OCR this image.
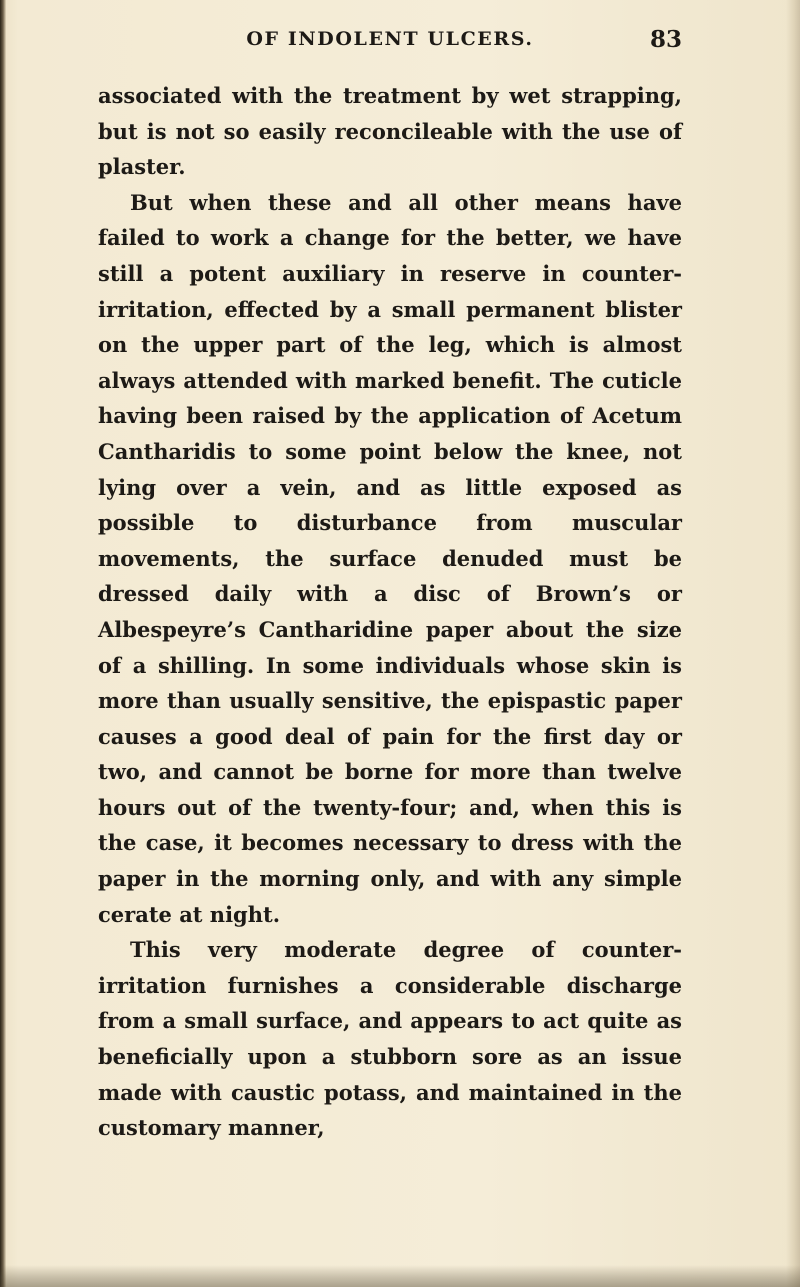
OF INDOLENT ULCERS.	83

associated with the treatment by wet strapping, but is not so easily reconcileable with the use of plaster.

But when these and all other means have failed to work a change for the better, we have still a potent auxiliary in reserve in counter-irritation, effected by a small permanent blister on the upper part of the leg, which is almost always attended with marked benefit. The cuticle having been raised by the application of Acetum Cantharidis to some point below the knee, not lying over a vein, and as little exposed as possible to disturbance from muscular movements, the surface denuded must be dressed daily with a disc of Brown’s or Albespeyre’s Cantharidine paper about the size of a shilling. In some individuals whose skin is more than usually sensitive, the epispastic paper causes a good deal of pain for the first day or two, and cannot be borne for more than twelve hours out of the twenty-four; and, when this is the case, it becomes necessary to dress with the paper in the morning only, and with any simple cerate at night.

This very moderate degree of counter-irritation furnishes a considerable discharge from a small surface, and appears to act quite as beneficially upon a stubborn sore as an issue made with caustic potass, and maintained in the customary manner,
